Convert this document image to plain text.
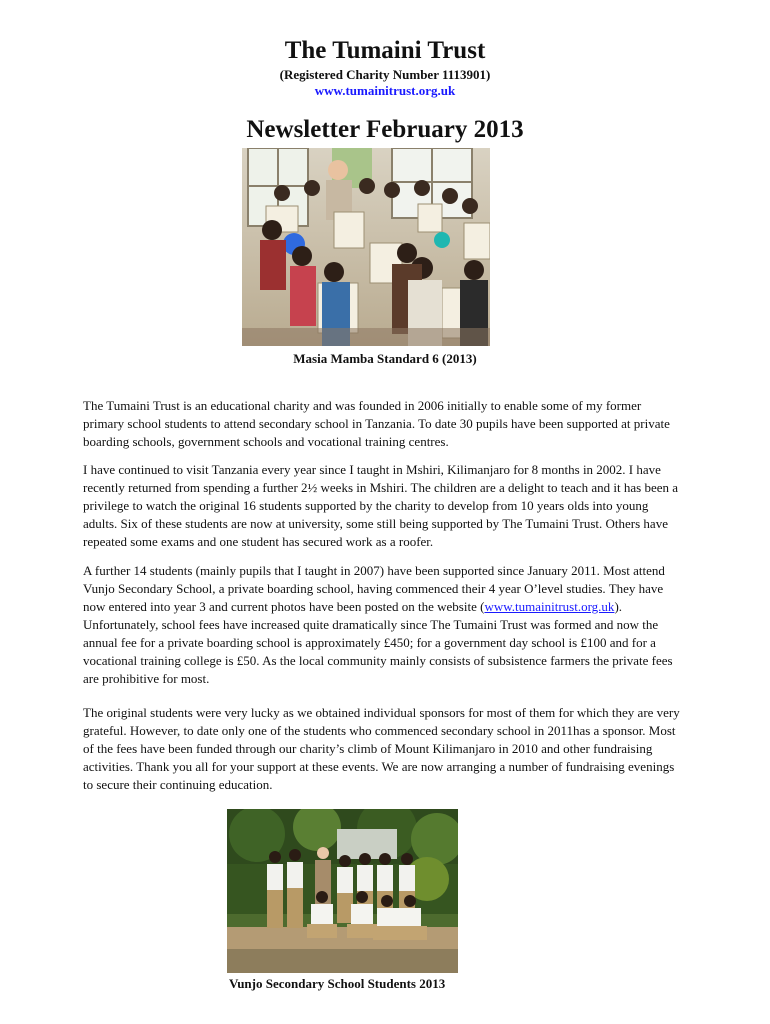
The Tumaini Trust
(Registered Charity Number 1113901)
www.tumainitrust.org.uk
Newsletter February 2013
Masia Mamba Standard 6 (2013)

The Tumaini Trust is an educational charity and was founded in 2006 initially to enable some of my former primary school students to attend secondary school in Tanzania. To date 30 pupils have been supported at private boarding schools, government schools and vocational training centres.

I have continued to visit Tanzania every year since I taught in Mshiri, Kilimanjaro for 8 months in 2002. I have recently returned from spending a further 2½ weeks in Mshiri. The children are a delight to teach and it has been a privilege to watch the original 16 students supported by the charity to develop from 10 years olds into young adults. Six of these students are now at university, some still being supported by The Tumaini Trust. Others have repeated some exams and one student has secured work as a roofer.

A further 14 students (mainly pupils that I taught in 2007) have been supported since January 2011. Most attend Vunjo Secondary School, a private boarding school, having commenced their 4 year O’level studies. They have now entered into year 3 and current photos have been posted on the website (www.tumainitrust.org.uk). Unfortunately, school fees have increased quite dramatically since The Tumaini Trust was formed and now the annual fee for a private boarding school is approximately £450; for a government day school is £100 and for a vocational training college is £50. As the local community mainly consists of subsistence farmers the private fees are prohibitive for most.

The original students were very lucky as we obtained individual sponsors for most of them for which they are very grateful. However, to date only one of the students who commenced secondary school in 2011has a sponsor. Most of the fees have been funded through our charity’s climb of Mount Kilimanjaro in 2010 and other fundraising activities. Thank you all for your support at these events. We are now arranging a number of fundraising evenings to secure their continuing education.

Vunjo Secondary School Students 2013
